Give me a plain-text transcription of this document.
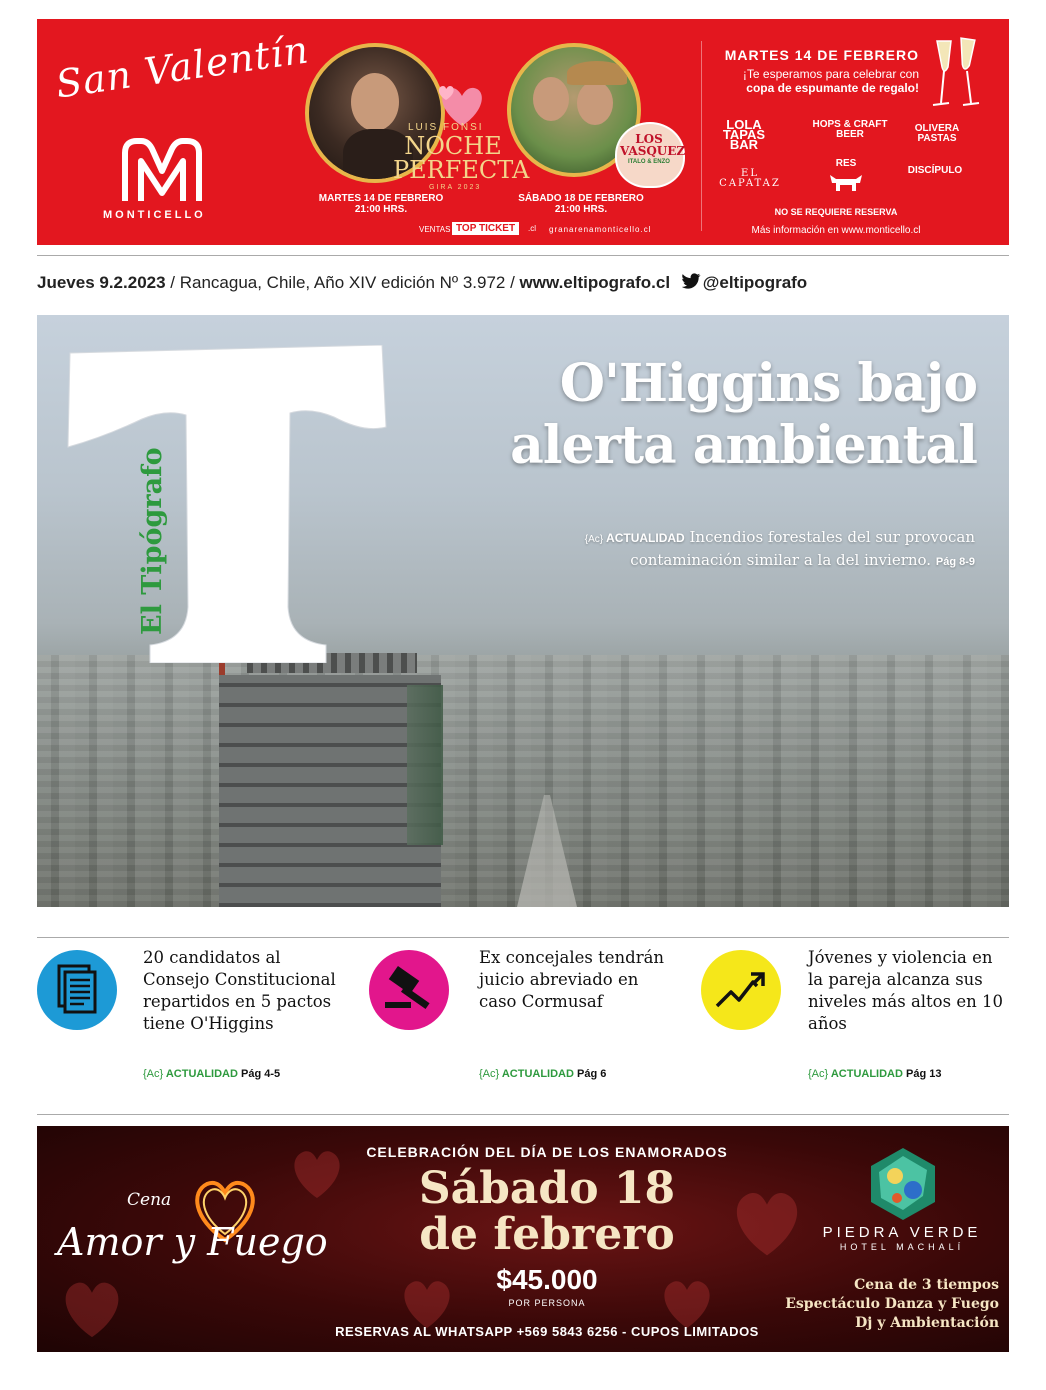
San Valentín
MONTICELLO
LUIS FONSI
NOCHE PERFECTA
GIRA 2023
MARTES 14 DE FEBRERO
21:00 HRS.
LOS VASQUEZ
ITALO & ENZO
SÁBADO 18 DE FEBRERO
21:00 HRS.
VENTAS TOP TICKET	.cl granarenamonticello.cl
MARTES 14 DE FEBRERO
¡Te esperamos para celebrar con
copa de espumante de regalo!
LOLA TAPAS BAR
HOPS & CRAFT BEER
OLIVERA PASTAS
EL CAPATAZ
RES
DISCÍPULO
NO SE REQUIERE RESERVA
Más información en www.monticello.cl
Jueves 9.2.2023 / Rancagua, Chile, Año XIV edición Nº 3.972 / www.eltipografo.cl @eltipografo
El Tipógrafo
O'Higgins bajo
alerta ambiental
{Ac} ACTUALIDAD Incendios forestales del sur provocan
contaminación similar a la del invierno. Pág 8-9
20 candidatos al Consejo Constitucional repartidos en 5 pactos tiene O'Higgins
{Ac} ACTUALIDAD Pág 4-5
Ex concejales tendrán juicio abreviado en caso Cormusaf
{Ac} ACTUALIDAD Pág 6
Jóvenes y violencia en la pareja alcanza sus niveles más altos en 10 años
{Ac} ACTUALIDAD Pág 13
CELEBRACIÓN DEL DÍA DE LOS ENAMORADOS
Sábado 18
de febrero
$45.000
POR PERSONA
RESERVAS AL WHATSAPP +569 5843 6256 - CUPOS LIMITADOS
Cena
Amor y Fuego	PIEDRA VERDE
HOTEL MACHALÍ
Cena de 3 tiempos
Espectáculo Danza y Fuego
Dj y Ambientación
